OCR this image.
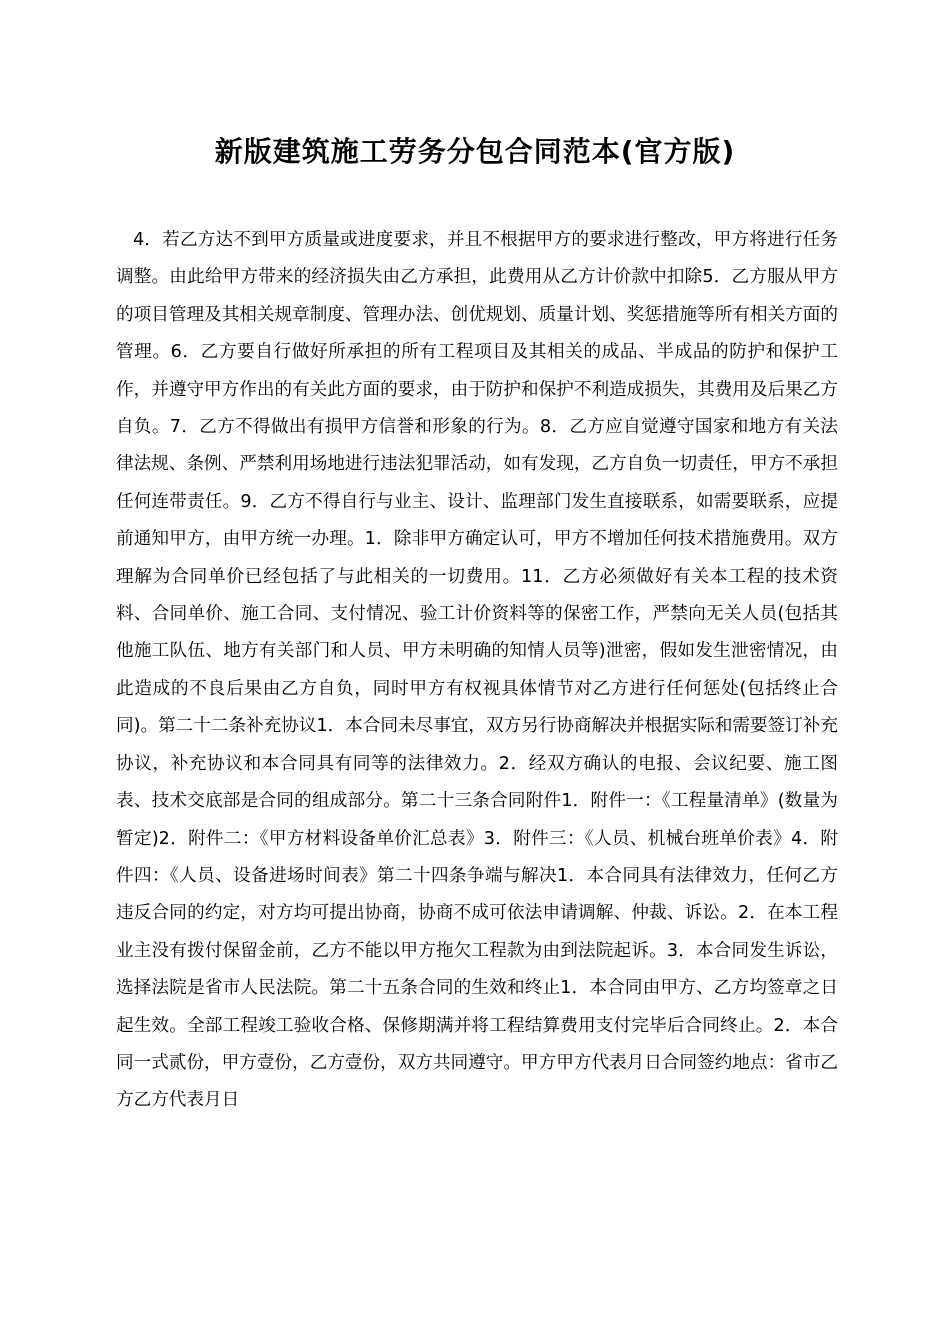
新版建筑施工劳务分包合同范本(官方版)

4．若乙方达不到甲方质量或进度要求，并且不根据甲方的要求进行整改，甲方将进行任务调整。由此给甲方带来的经济损失由乙方承担，此费用从乙方计价款中扣除5．乙方服从甲方的项目管理及其相关规章制度、管理办法、创优规划、质量计划、奖惩措施等所有相关方面的管理。6．乙方要自行做好所承担的所有工程项目及其相关的成品、半成品的防护和保护工作，并遵守甲方作出的有关此方面的要求，由于防护和保护不利造成损失，其费用及后果乙方自负。7．乙方不得做出有损甲方信誉和形象的行为。8．乙方应自觉遵守国家和地方有关法律法规、条例、严禁利用场地进行违法犯罪活动，如有发现，乙方自负一切责任，甲方不承担任何连带责任。9．乙方不得自行与业主、设计、监理部门发生直接联系，如需要联系，应提前通知甲方，由甲方统一办理。1．除非甲方确定认可，甲方不增加任何技术措施费用。双方理解为合同单价已经包括了与此相关的一切费用。11．乙方必须做好有关本工程的技术资料、合同单价、施工合同、支付情况、验工计价资料等的保密工作，严禁向无关人员(包括其他施工队伍、地方有关部门和人员、甲方未明确的知情人员等)泄密，假如发生泄密情况，由此造成的不良后果由乙方自负，同时甲方有权视具体情节对乙方进行任何惩处(包括终止合同)。第二十二条补充协议1．本合同未尽事宜，双方另行协商解决并根据实际和需要签订补充协议，补充协议和本合同具有同等的法律效力。2．经双方确认的电报、会议纪要、施工图表、技术交底部是合同的组成部分。第二十三条合同附件1．附件一：《工程量清单》(数量为暂定)2．附件二：《甲方材料设备单价汇总表》3．附件三：《人员、机械台班单价表》4．附件四：《人员、设备进场时间表》第二十四条争端与解决1．本合同具有法律效力，任何乙方违反合同的约定，对方均可提出协商，协商不成可依法申请调解、仲裁、诉讼。2．在本工程业主没有拨付保留金前，乙方不能以甲方拖欠工程款为由到法院起诉。3．本合同发生诉讼，选择法院是省市人民法院。第二十五条合同的生效和终止1．本合同由甲方、乙方均签章之日起生效。全部工程竣工验收合格、保修期满并将工程结算费用支付完毕后合同终止。2．本合同一式贰份，甲方壹份，乙方壹份，双方共同遵守。甲方甲方代表月日合同签约地点：省市乙方乙方代表月日
